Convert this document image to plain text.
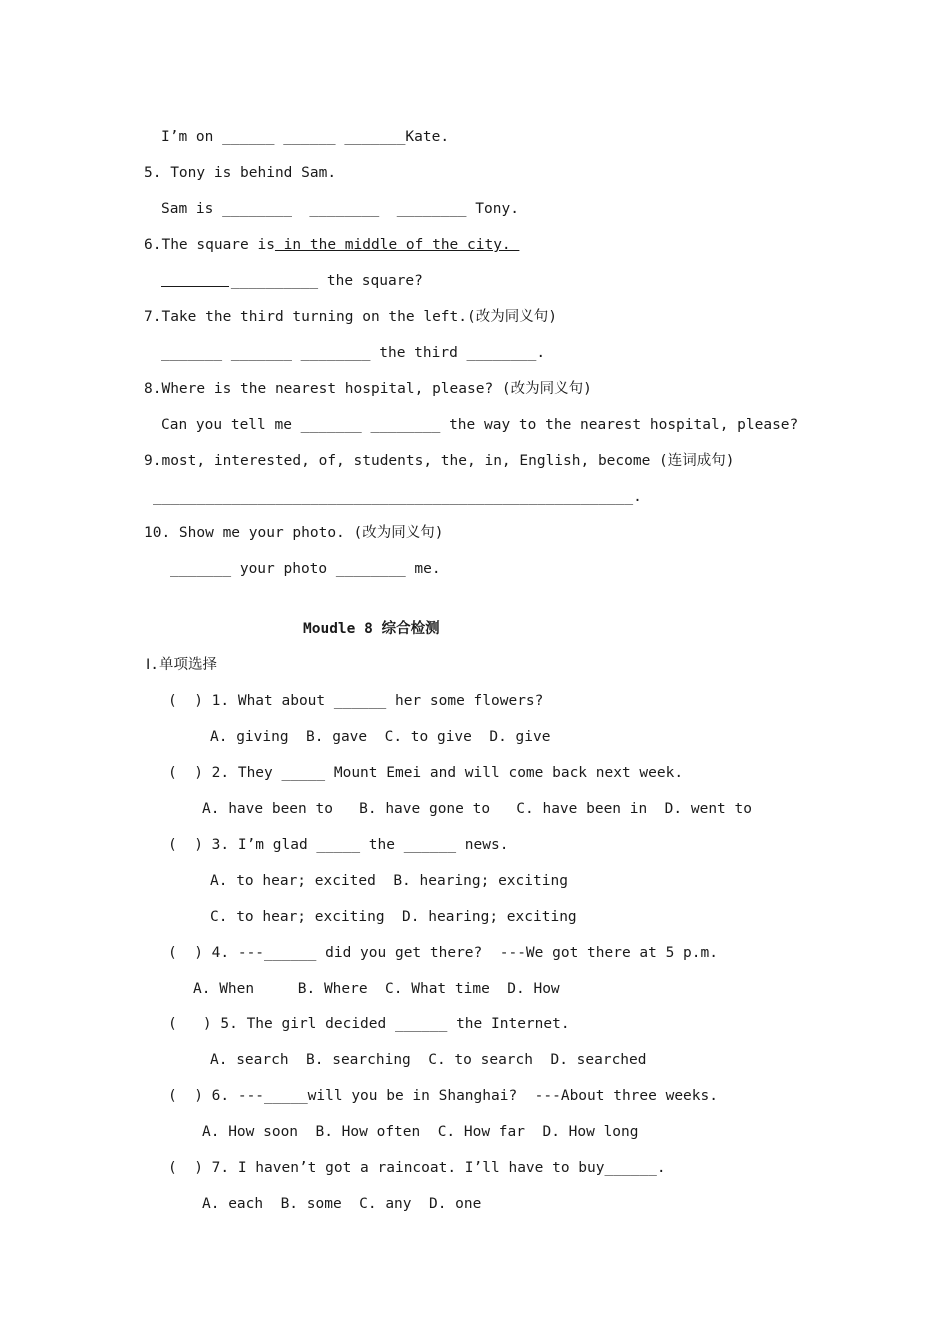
I’m on ______ ______ _______Kate.
5. Tony is behind Sam.
Sam is ________  ________  ________ Tony.
6.The square is in the middle of the city.
__________ the square?
7.Take the third turning on the left.(改为同义句)
_______ _______ ________ the third ________.
8.Where is the nearest hospital, please? (改为同义句)
Can you tell me _______ ________ the way to the nearest hospital, please?
9.most, interested, of, students, the, in, English, become (连词成句)
_______________________________________________________.
10. Show me your photo. (改为同义句)
_______ your photo ________ me.
Moudle 8 综合检测
Ⅰ.单项选择
(  ) 1. What about ______ her some flowers?
A. giving  B. gave  C. to give  D. give
(  ) 2. They _____ Mount Emei and will come back next week.
A. have been to   B. have gone to   C. have been in  D. went to
(  ) 3. I’m glad _____ the ______ news.
A. to hear; excited  B. hearing; exciting
C. to hear; exciting  D. hearing; exciting
(  ) 4. ---______ did you get there?  ---We got there at 5 p.m.
A. When     B. Where  C. What time  D. How
(   ) 5. The girl decided ______ the Internet.
A. search  B. searching  C. to search  D. searched
(  ) 6. ---_____will you be in Shanghai?  ---About three weeks.
A. How soon  B. How often  C. How far  D. How long
(  ) 7. I haven’t got a raincoat. I’ll have to buy______.
A. each  B. some  C. any  D. one
